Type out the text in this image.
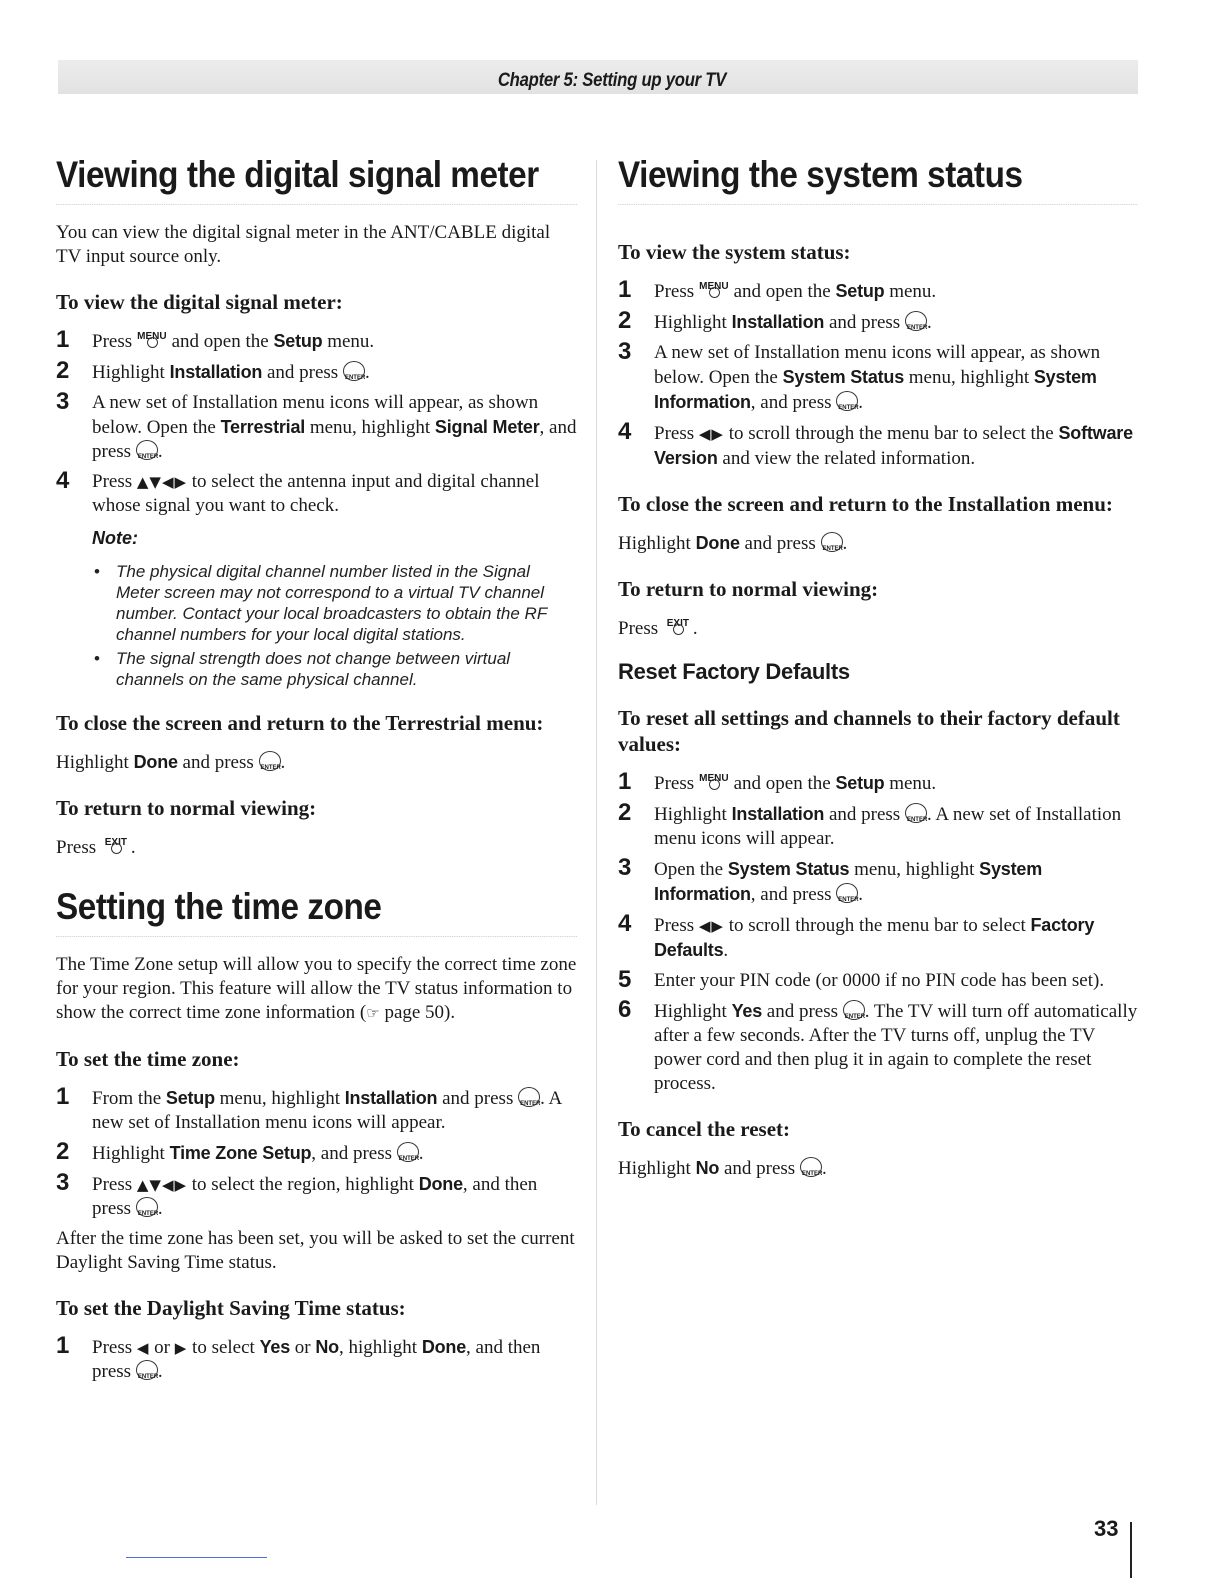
Chapter 5: Setting up your TV
Viewing the digital signal meter

You can view the digital signal meter in the ANT/CABLE digital TV input source only.

To view the digital signal meter:
1 Press MENU and open the Setup menu.
2 Highlight Installation and press ENTER .
3 A new set of Installation menu icons will appear, as shown below. Open the Terrestrial menu, highlight Signal Meter, and press ENTER .
4 Press ▲▼◀▶ to select the antenna input and digital channel whose signal you want to check.
Note:
• The physical digital channel number listed in the Signal Meter screen may not correspond to a virtual TV channel number. Contact your local broadcasters to obtain the RF channel numbers for your local digital stations.
• The signal strength does not change between virtual channels on the same physical channel.
To close the screen and return to the Terrestrial menu:

Highlight Done and press ENTER .

To return to normal viewing:

Press EXIT .

Setting the time zone

The Time Zone setup will allow you to specify the correct time zone for your region. This feature will allow the TV status information to show the correct time zone information (☞ page 50).

To set the time zone:
1 From the Setup menu, highlight Installation and press ENTER . A new set of Installation menu icons will appear.
2 Highlight Time Zone Setup, and press ENTER .
3 Press ▲▼◀▶ to select the region, highlight Done, and then press ENTER .

After the time zone has been set, you will be asked to set the current Daylight Saving Time status.

To set the Daylight Saving Time status:
1 Press ◀ or ▶ to select Yes or No, highlight Done, and then press ENTER .
Viewing the system status
To view the system status:
1 Press MENU and open the Setup menu.
2 Highlight Installation and press ENTER .
3 A new set of Installation menu icons will appear, as shown below. Open the System Status menu, highlight System Information, and press ENTER .
4 Press ◀▶ to scroll through the menu bar to select the Software Version and view the related information.
To close the screen and return to the Installation menu:

Highlight Done and press ENTER .

To return to normal viewing:

Press EXIT .

Reset Factory Defaults
To reset all settings and channels to their factory default values:
1 Press MENU and open the Setup menu.
2 Highlight Installation and press ENTER . A new set of Installation menu icons will appear.
3 Open the System Status menu, highlight System Information, and press ENTER .
4 Press ◀▶ to scroll through the menu bar to select Factory Defaults.
5 Enter your PIN code (or 0000 if no PIN code has been set).
6 Highlight Yes and press ENTER . The TV will turn off automatically after a few seconds. After the TV turns off, unplug the TV power cord and then plug it in again to complete the reset process.
To cancel the reset:

Highlight No and press ENTER .

33
